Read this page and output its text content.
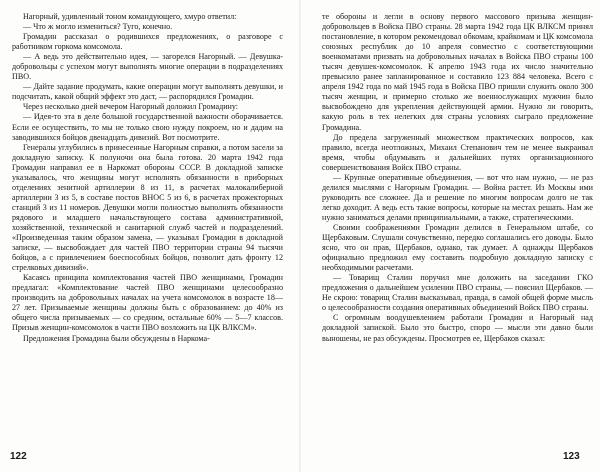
Нагорный, удивленный тоном командующего, хмуро ответил:

— Что ж могло измениться? Туго, конечно.

Громадин рассказал о родившихся предложениях, о разговоре с работником горкома комсомола.

— А ведь это действительно идея, — загорелся Нагорный. — Девушка-добровольцы с успехом могут выполнять многие операции в подразделениях ПВО.

— Дайте задание продумать, какие операции могут выполнять девушки, и подсчитать, какой общий эффект это даст, — распорядился Громадин.

Через несколько дней вечером Нагорный доложил Громадину:

— Идея-то эта в деле большой государственной важности оборачивается. Если ее осуществить, то мы не только свою нужду покроем, но и дадим на заводившихся бойцов двенадцать дивизий. Вот посмотрите.

Генералы углубились в принесенные Нагорным справки, а потом засели за докладную записку. К полуночи она была готова. 20 марта 1942 года Громадин направил ее в Наркомат обороны СССР. В докладной записке указывалось, что женщины могут исполнять обязанности в приборных отделениях зенитной артиллерии 8 из 11, в расчетах малокалиберной артиллерии 3 из 5, в составе постов ВНОС 5 из 6, в расчетах прожекторных станций 3 из 11 номеров. Девушки могли полностью выполнять обязанности рядового и младшего начальствующего состава административной, хозяйственной, технической и санитарной служб частей и подразделений. «Произведенная таким образом замена, — указывал Громадин в докладной записке, — высвобождает для частей ПВО территории страны 94 тысячи бойцов, а с привлечением боеспособных бойцов, позволит дать фронту 12 стрелковых дивизий».

Касаясь принципа комплектования частей ПВО женщинами, Громадин предлагал: «Комплектование частей ПВО женщинами целесообразно производить на добровольных началах на учета комсомолок в возрасте 18—27 лет. Призываемые женщины должны быть с образованием: до 40% из общего числа призываемых — со средним, остальные 60% — 5—7 классов. Призыв женщин-комсомолок в части ПВО возложить на ЦК ВЛКСМ».

Предложения Громадина были обсуждены в Наркома-

122

те обороны и легли в основу первого массового призыва женщин-добровольцев в Войска ПВО страны. 28 марта 1942 года ЦК ВЛКСМ принял постановление, в котором рекомендовал обкомам, крайкомам и ЦК комсомола союзных республик до 10 апреля совместно с соответствующими военкоматами призвать на добровольных началах в Войска ПВО страны 100 тысяч девушек-комсомолок. К апрелю 1943 года их число значительно превысило ранее запланированное и составило 123 884 человека. Всего с апреля 1942 года по май 1945 года в Войска ПВО пришли служить около 300 тысяч женщин, и примерно столько же военнослужащих мужчин было высвобождено для укрепления действующей армии. Нужно ли говорить, какую роль в тех нелегких для страны условиях сыграло предложение Громадина.

До предела загруженный множеством практических вопросов, как правило, всегда неотложных, Михаил Степанович тем не менее выкраивал время, чтобы обдумывать и дальнейших путях организационного совершенствования Войск ПВО страны.

— Крупные оперативные объединения, — вот что нам нужно, — не раз делился мыслями с Нагорным Громадин. — Война растет. Из Москвы ими руководить все сложнее. Да и решение по многим вопросам долго не так легко доходит. А ведь есть такие вопросы, которые на местах решать. Нам же нужно заниматься делами принципиальными, а также, стратегическими.

Своими соображениями Громадин делился в Генеральном штабе, со Щербаковым. Слушали сочувственно, передко соглашались его доводы. Было ясно, что он прав, Щербаков, однако, так думает. А однажды Щербаков официально предложил ему составить подробную докладную записку с необходимыми расчетами.

— Товарищ Сталин поручил мне доложить на заседании ГКО предложения о дальнейшем усилении ПВО страны, — пояснил Щербаков. — Не скрою: товарищ Сталин высказывал, правда, в самой общей форме мысль о целесообразности создания оперативных объединений Войск ПВО страны.

С огромным воодушевлением работали Громадин и Нагорный над докладной запиской. Было это быстро, споро — мысли эти давно были выношены, не раз обсуждены. Просмотрев ее, Щербаков сказал:

123
